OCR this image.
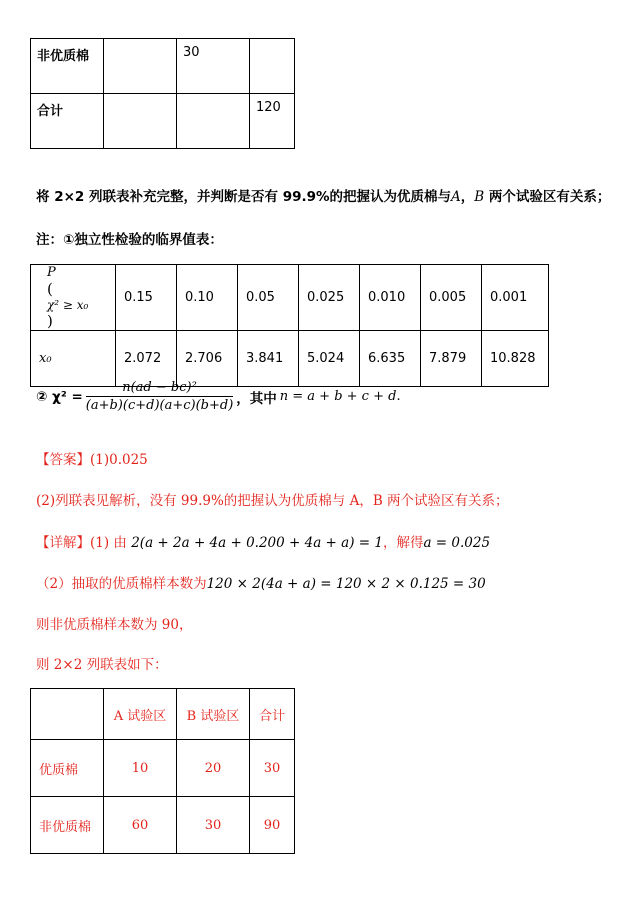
非优质棉		30	

合计			120
将 2×2 列联表补充完整，并判断是否有 99.9%的把握认为优质棉与A，B 两个试验区有关系；
注：①独立性检验的临界值表：
P
(
χ² ≥ x₀
)	0.15	0.10	0.05	0.025	0.010	0.005	0.001

x₀	2.072	2.706	3.841	5.024	6.635	7.879	10.828
② $\chi^2 = \frac{\text{n(ad − bc)²}}{(a+b)(c+d)(a+c)(b+d)}$ ，其中 n = a + b + c + d .
【答案】(1)0.025
(2)列联表见解析，没有 99.9%的把握认为优质棉与 A，B 两个试验区有关系；
【详解】(1) 由 2(a + 2a + 4a + 0.200 + 4a + a) = 1，解得a = 0.025
（2）抽取的优质棉样本数为120 × 2(4a + a) = 120 × 2 × 0.125 = 30
则非优质棉样本数为 90，
则 2×2 列联表如下：
	A 试验区	B 试验区	合计
优质棉	10	20	30
非优质棉	60	30	90
